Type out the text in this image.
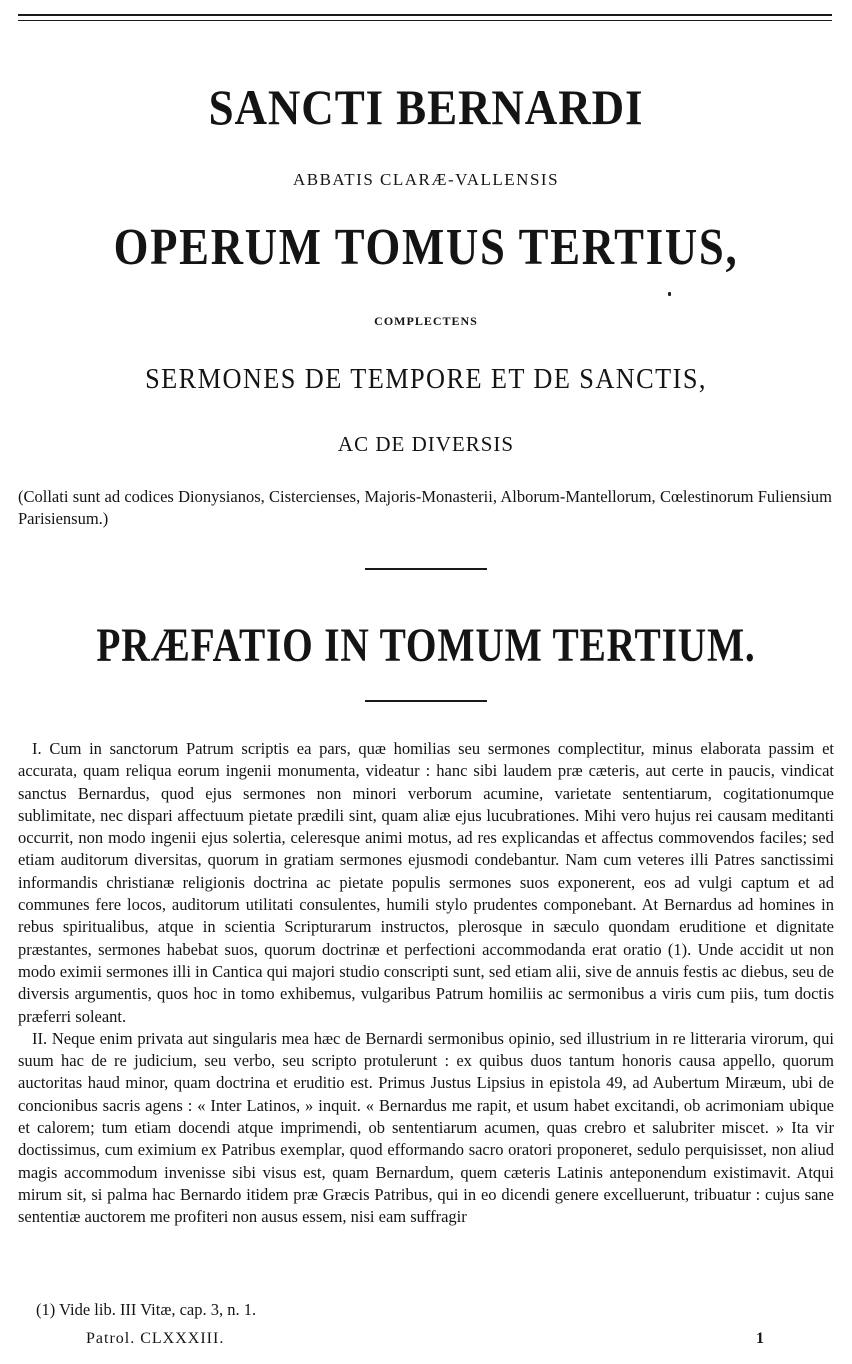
SANCTI BERNARDI
ABBATIS CLARÆ-VALLENSIS
OPERUM TOMUS TERTIUS,
COMPLECTENS
SERMONES DE TEMPORE ET DE SANCTIS,
AC DE DIVERSIS
(Collati sunt ad codices Dionysianos, Cistercienses, Majoris-Monasterii, Alborum-Mantellorum, Cœlestinorum Fuliensium Parisiensum.)
PRÆFATIO IN TOMUM TERTIUM.

I. Cum in sanctorum Patrum scriptis ea pars, quæ homilias seu sermones complectitur, minus elaborata passim et accurata, quam reliqua eorum ingenii monumenta, videatur : hanc sibi laudem præ cæteris, aut certe in paucis, vindicat sanctus Bernardus, quod ejus sermones non minori verborum acumine, varietate sententiarum, cogitationumque sublimitate, nec dispari affectuum pietate prædili sint, quam aliæ ejus lucubrationes. Mihi vero hujus rei causam meditanti occurrit, non modo ingenii ejus solertia, celeresque animi motus, ad res explicandas et affectus commovendos faciles; sed etiam auditorum diversitas, quorum in gratiam sermones ejusmodi condebantur. Nam cum veteres illi Patres sanctissimi informandis christianæ religionis doctrina ac pietate populis sermones suos exponerent, eos ad vulgi captum et ad communes fere locos, auditorum utilitati consulentes, humili stylo prudentes componebant. At Bernardus ad homines in rebus spiritualibus, atque in scientia Scripturarum instructos, plerosque in sæculo quondam eruditione et dignitate præstantes, sermones habebat suos, quorum doctrinæ et perfectioni accommodanda erat oratio (1). Unde accidit ut non modo eximii sermones illi in Cantica qui majori studio conscripti sunt, sed etiam alii, sive de annuis festis ac diebus, seu de diversis argumentis, quos hoc in tomo exhibemus, vulgaribus Patrum homiliis ac sermonibus a viris cum piis, tum doctis præferri soleant.

II. Neque enim privata aut singularis mea hæc de Bernardi sermonibus opinio, sed illustrium in re litteraria virorum, qui suum hac de re judicium, seu verbo, seu scripto protulerunt : ex quibus duos tantum honoris causa appello, quorum auctoritas haud minor, quam doctrina et eruditio est. Primus Justus Lipsius in epistola 49, ad Aubertum Miræum, ubi de concionibus sacris agens : « Inter Latinos, » inquit. « Bernardus me rapit, et usum habet excitandi, ob acrimoniam ubique et calorem; tum etiam docendi atque imprimendi, ob sententiarum acumen, quas crebro et salubriter miscet. » Ita vir doctissimus, cum eximium ex Patribus exemplar, quod efformando sacro oratori proponeret, sedulo perquisisset, non aliud magis accommodum invenisse sibi visus est, quam Bernardum, quem cæteris Latinis anteponendum existimavit. Atqui mirum sit, si palma hac Bernardo itidem præ Græcis Patribus, qui in eo dicendi genere excelluerunt, tribuatur : cujus sane sententiæ auctorem me profiteri non ausus essem, nisi eam suffragir

(1) Vide lib. III Vitæ, cap. 3, n. 1.
Patrol. CLXXXIII.	1
